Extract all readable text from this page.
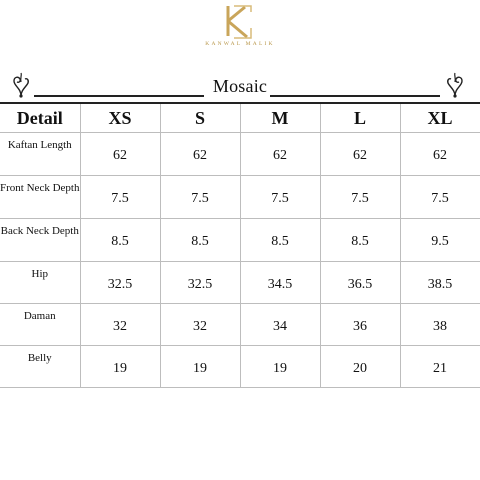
KANWAL MALIK
Mosaic
Detail	XS	S	M	L	XL
Kaftan Length	62	62	62	62	62
Front Neck Depth	7.5	7.5	7.5	7.5	7.5
Back Neck Depth	8.5	8.5	8.5	8.5	9.5
Hip	32.5	32.5	34.5	36.5	38.5
Daman	32	32	34	36	38
Belly	19	19	19	20	21
